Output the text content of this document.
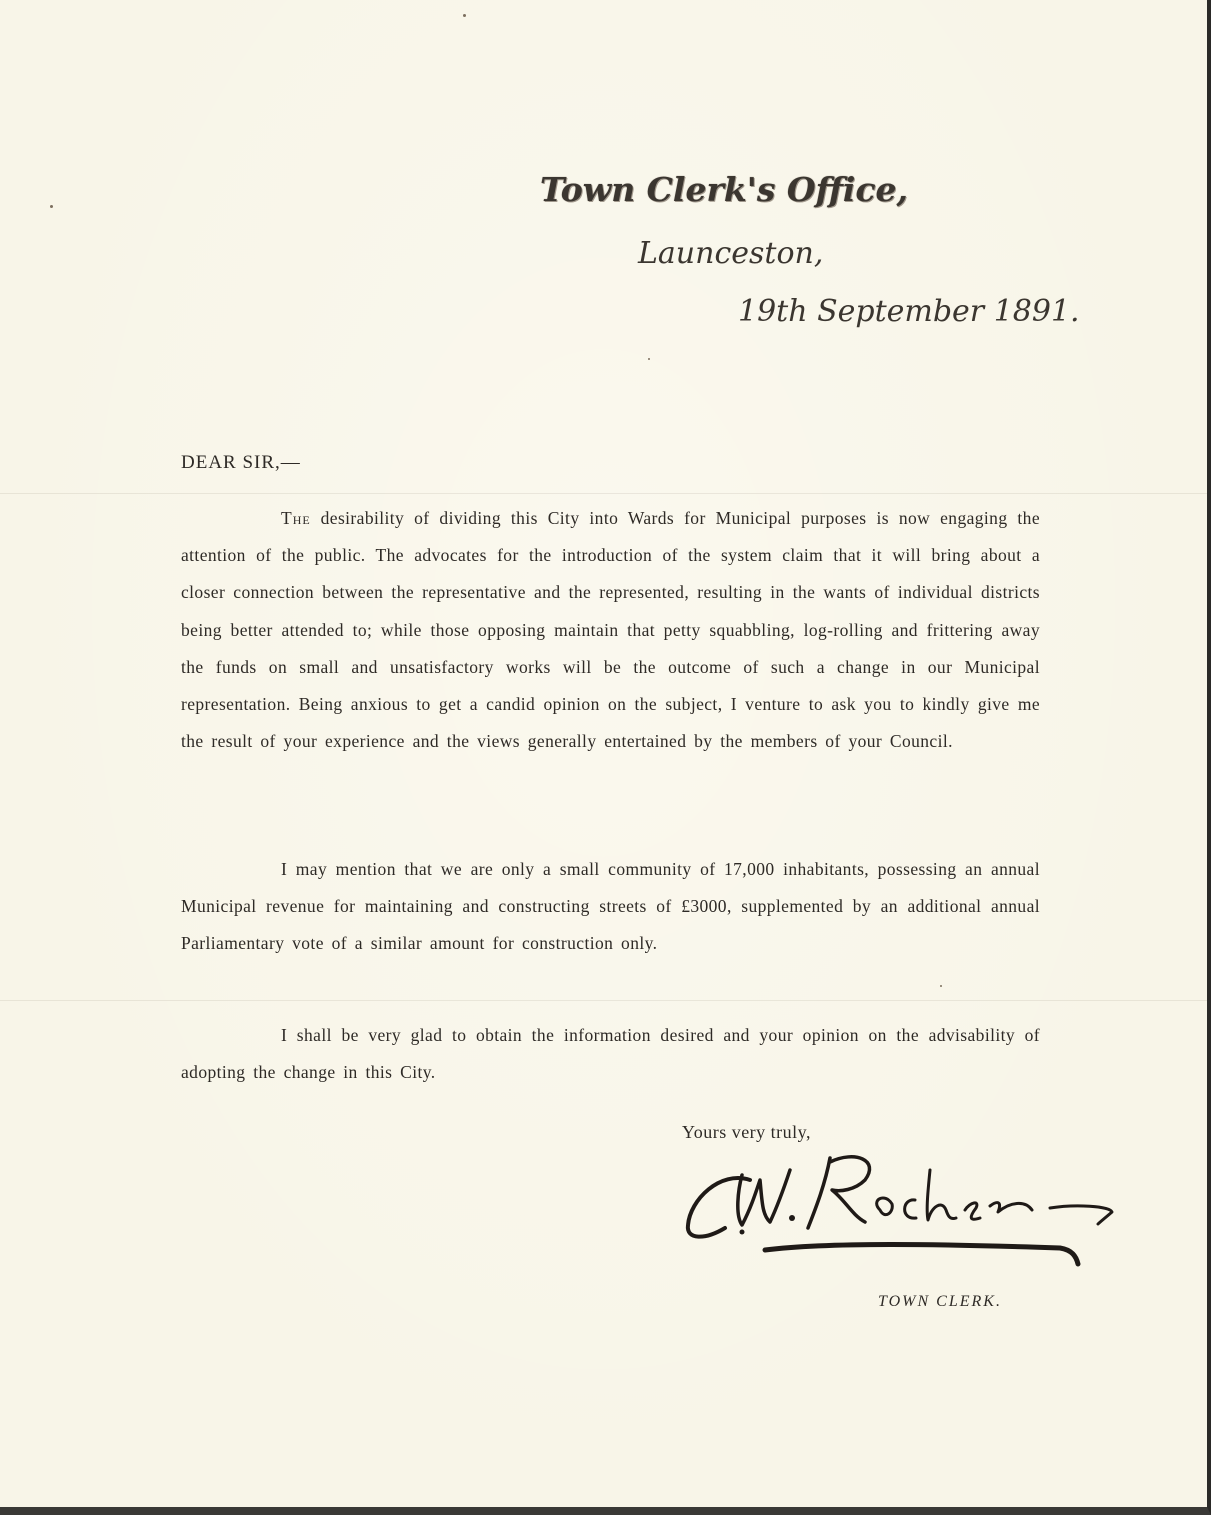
Town Clerk's Office,
Launceston,
19th September 1891.
DEAR SIR,—

The desirability of dividing this City into Wards for Municipal purposes is now engaging the attention of the public. The advocates for the introduction of the system claim that it will bring about a closer connection between the representative and the represented, resulting in the wants of individual districts being better attended to; while those opposing maintain that petty squabbling, log-rolling and frittering away the funds on small and unsatisfactory works will be the outcome of such a change in our Municipal representation. Being anxious to get a candid opinion on the subject, I venture to ask you to kindly give me the result of your experience and the views generally entertained by the members of your Council.

I may mention that we are only a small community of 17,000 inhabitants, possessing an annual Municipal revenue for maintaining and constructing streets of £3000, supplemented by an additional annual Parliamentary vote of a similar amount for construction only.

I shall be very glad to obtain the information desired and your opinion on the advisability of adopting the change in this City.

Yours very truly,
TOWN CLERK.
